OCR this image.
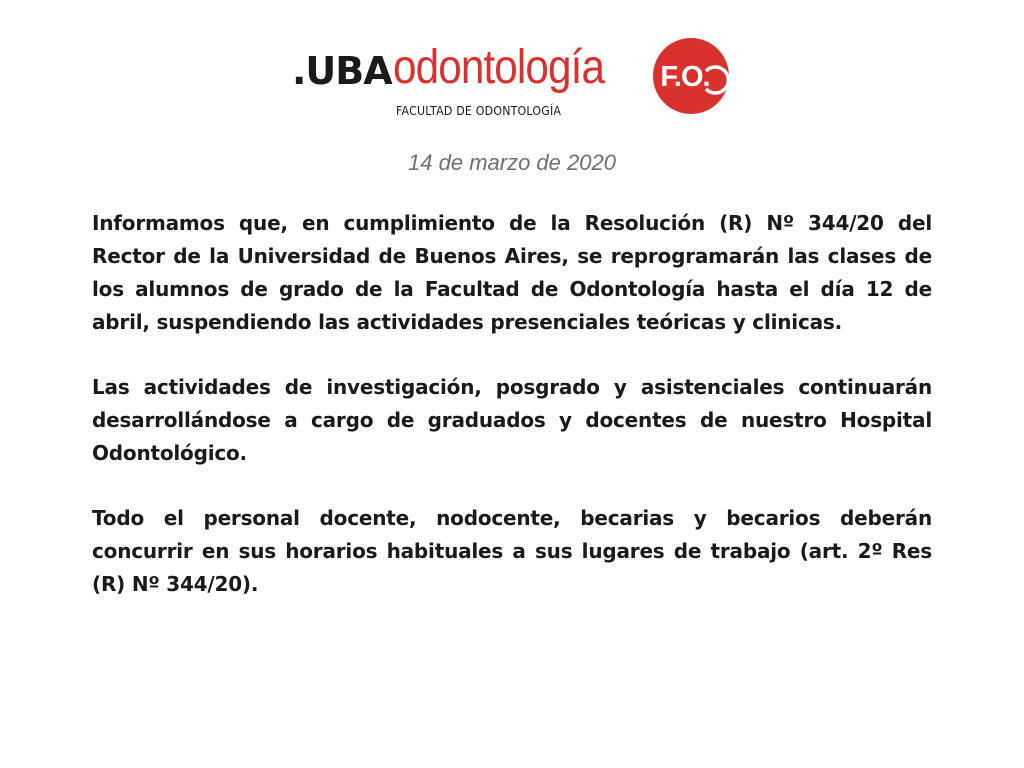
.UBA odontología
FACULTAD DE ODONTOLOGÍA
F.O.
14 de marzo de 2020

Informamos que, en cumplimiento de la Resolución (R) Nº 344/20 del Rector de la Universidad de Buenos Aires, se reprogramarán las clases de los alumnos de grado de la Facultad de Odontología hasta el día 12 de abril, suspendiendo las actividades presenciales teóricas y clinicas.

Las actividades de investigación, posgrado y asistenciales continuarán desarrollándose a cargo de graduados y docentes de nuestro Hospital Odontológico.

Todo el personal docente, nodocente, becarias y becarios deberán concurrir en sus horarios habituales a sus lugares de trabajo (art. 2º Res (R) Nº 344/20).
